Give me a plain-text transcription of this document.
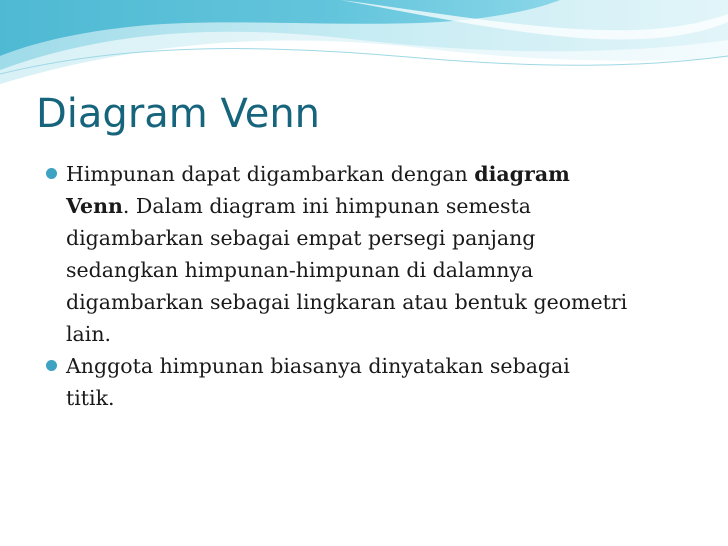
Diagram Venn
Himpunan dapat digambarkan dengan diagram
Venn. Dalam diagram ini himpunan semesta
digambarkan sebagai empat persegi panjang
sedangkan himpunan-himpunan di dalamnya
digambarkan sebagai lingkaran atau bentuk geometri
lain.
Anggota himpunan biasanya dinyatakan sebagai
titik.
